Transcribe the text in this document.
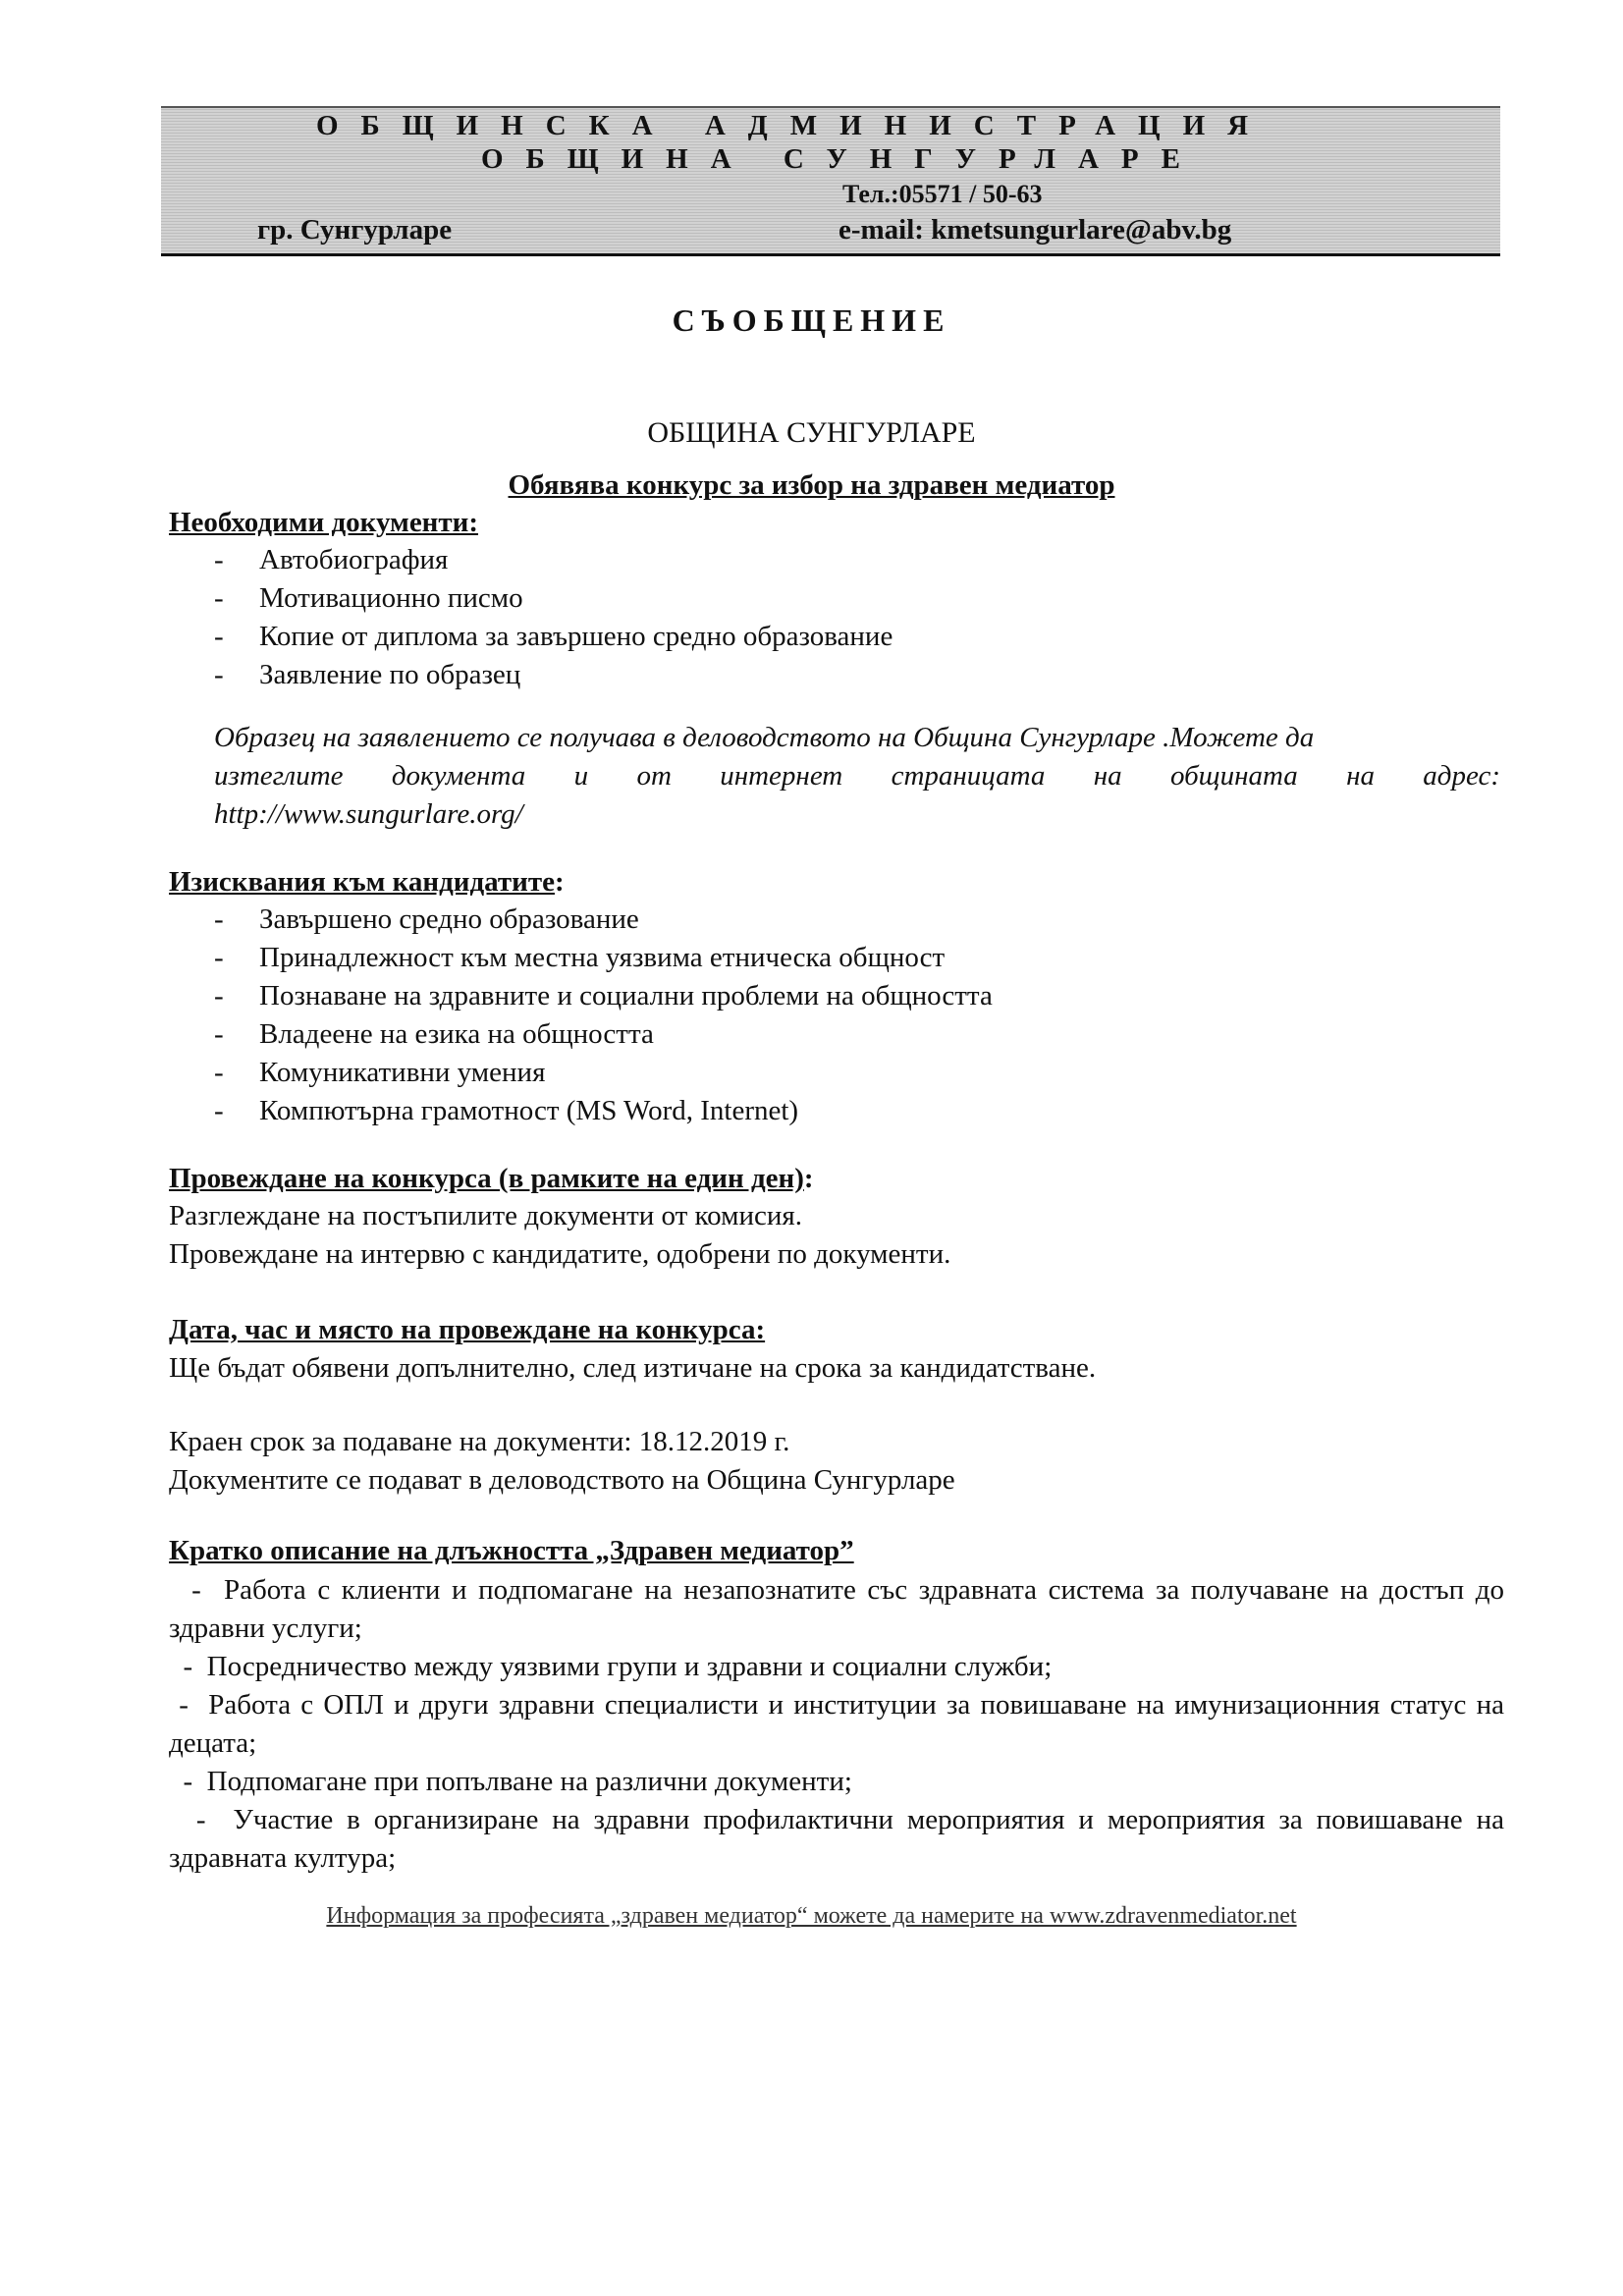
ОБЩИНСКА АДМИНИСТРАЦИЯ
ОБЩИНА СУНГУРЛАРЕ
Тел.:05571 / 50-63
гр. Сунгурларе	e-mail: kmetsungurlare@abv.bg
СЪОБЩЕНИЕ
ОБЩИНА СУНГУРЛАРЕ
Обявява конкурс за избор на здравен медиатор
Необходими документи:
- Автобиография
- Мотивационно писмо
- Копие от диплома за завършено средно образование
- Заявление по образец
Образец на заявлението се получава в деловодството на Община Сунгурларе .Можете да
изтеглите документа и от интернет страницата на общината на адрес:
http://www.sungurlare.org/
Изисквания към кандидатите:
- Завършено средно образование
- Принадлежност към местна уязвима етническа общност
- Познаване на здравните и социални проблеми на общността
- Владеене на езика на общността
- Комуникативни умения
- Компютърна грамотност (MS Word, Internet)
Провеждане на конкурса (в рамките на един ден):
Разглеждане на постъпилите документи от комисия.
Провеждане на интервю с кандидатите, одобрени по документи.
Дата, час и място на провеждане на конкурса:
Ще бъдат обявени допълнително, след изтичане на срока за кандидатстване.
Краен срок за подаване на документи: 18.12.2019 г.
Документите се подават в деловодството на Община Сунгурларе
Кратко описание на длъжността „Здравен медиатор”
-  Работа с клиенти и подпомагане на незапознатите със здравната система за получаване на достъп до здравни услуги;
-  Посредничество между уязвими групи и здравни и социални служби;
-  Работа с ОПЛ и други здравни специалисти и институции за повишаване на имунизационния статус на децата;
-  Подпомагане при попълване на различни документи;
-  Участие в организиране на здравни профилактични мероприятия и мероприятия за повишаване на здравната култура;
Информация за професията „здравен медиатор“ можете да намерите на www.zdravenmediator.net
